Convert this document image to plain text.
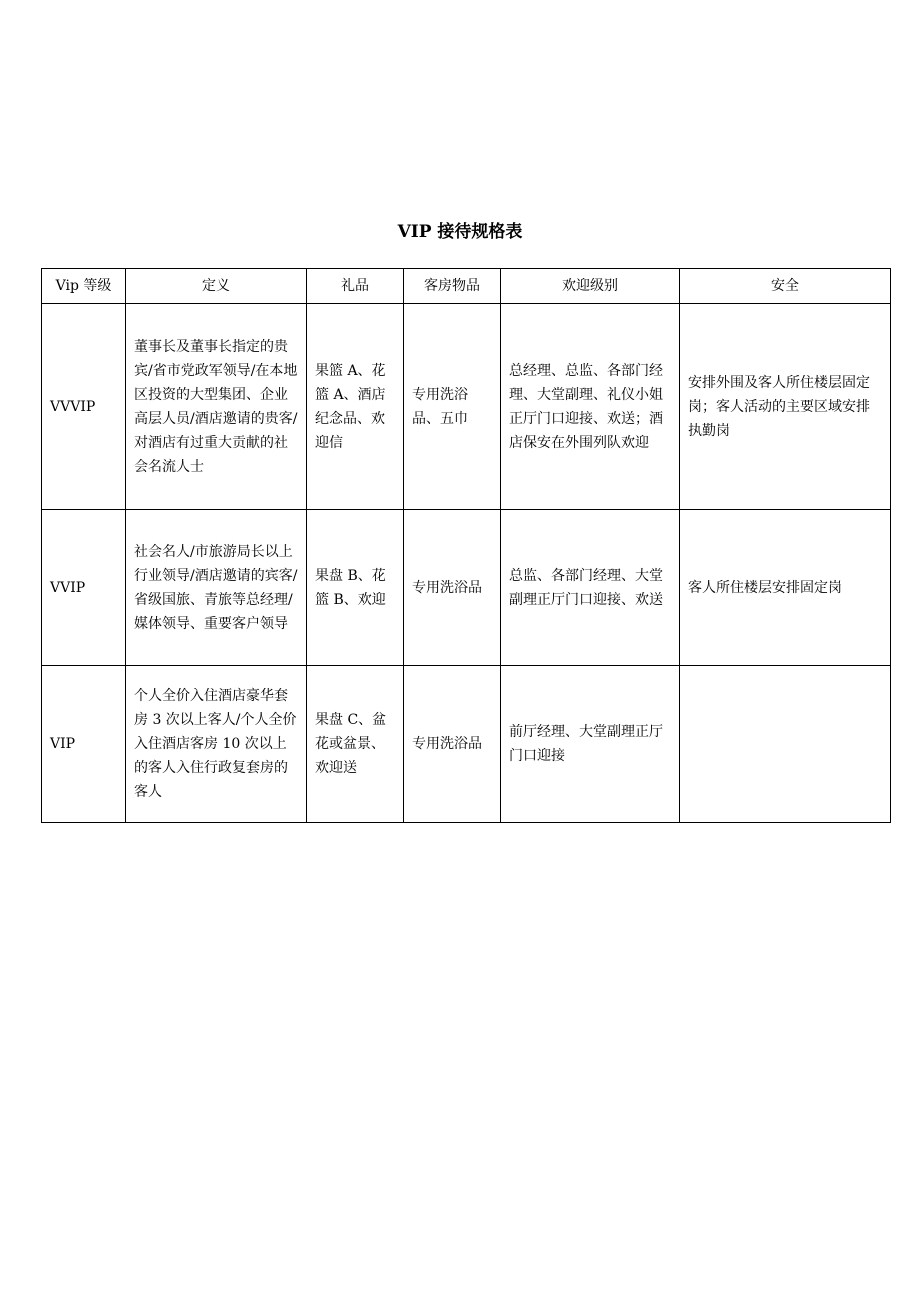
VIP 接待规格表
Vip 等级	定义	礼品	客房物品	欢迎级别	安全
VVVIP	董事长及董事长指定的贵宾/省市党政军领导/在本地区投资的大型集团、企业高层人员/酒店邀请的贵客/对酒店有过重大贡献的社会名流人士	果篮 A、花篮 A、酒店纪念品、欢迎信	专用洗浴品、五巾	总经理、总监、各部门经理、大堂副理、礼仪小姐正厅门口迎接、欢送；酒店保安在外围列队欢迎	安排外围及客人所住楼层固定岗；客人活动的主要区域安排执勤岗
VVIP	社会名人/市旅游局长以上行业领导/酒店邀请的宾客/省级国旅、青旅等总经理/媒体领导、重要客户领导	果盘 B、花篮 B、欢迎	专用洗浴品	总监、各部门经理、大堂副理正厅门口迎接、欢送	客人所住楼层安排固定岗
VIP	个人全价入住酒店豪华套房 3 次以上客人/个人全价入住酒店客房 10 次以上的客人入住行政复套房的客人	果盘 C、盆花或盆景、欢迎送	专用洗浴品	前厅经理、大堂副理正厅门口迎接	
